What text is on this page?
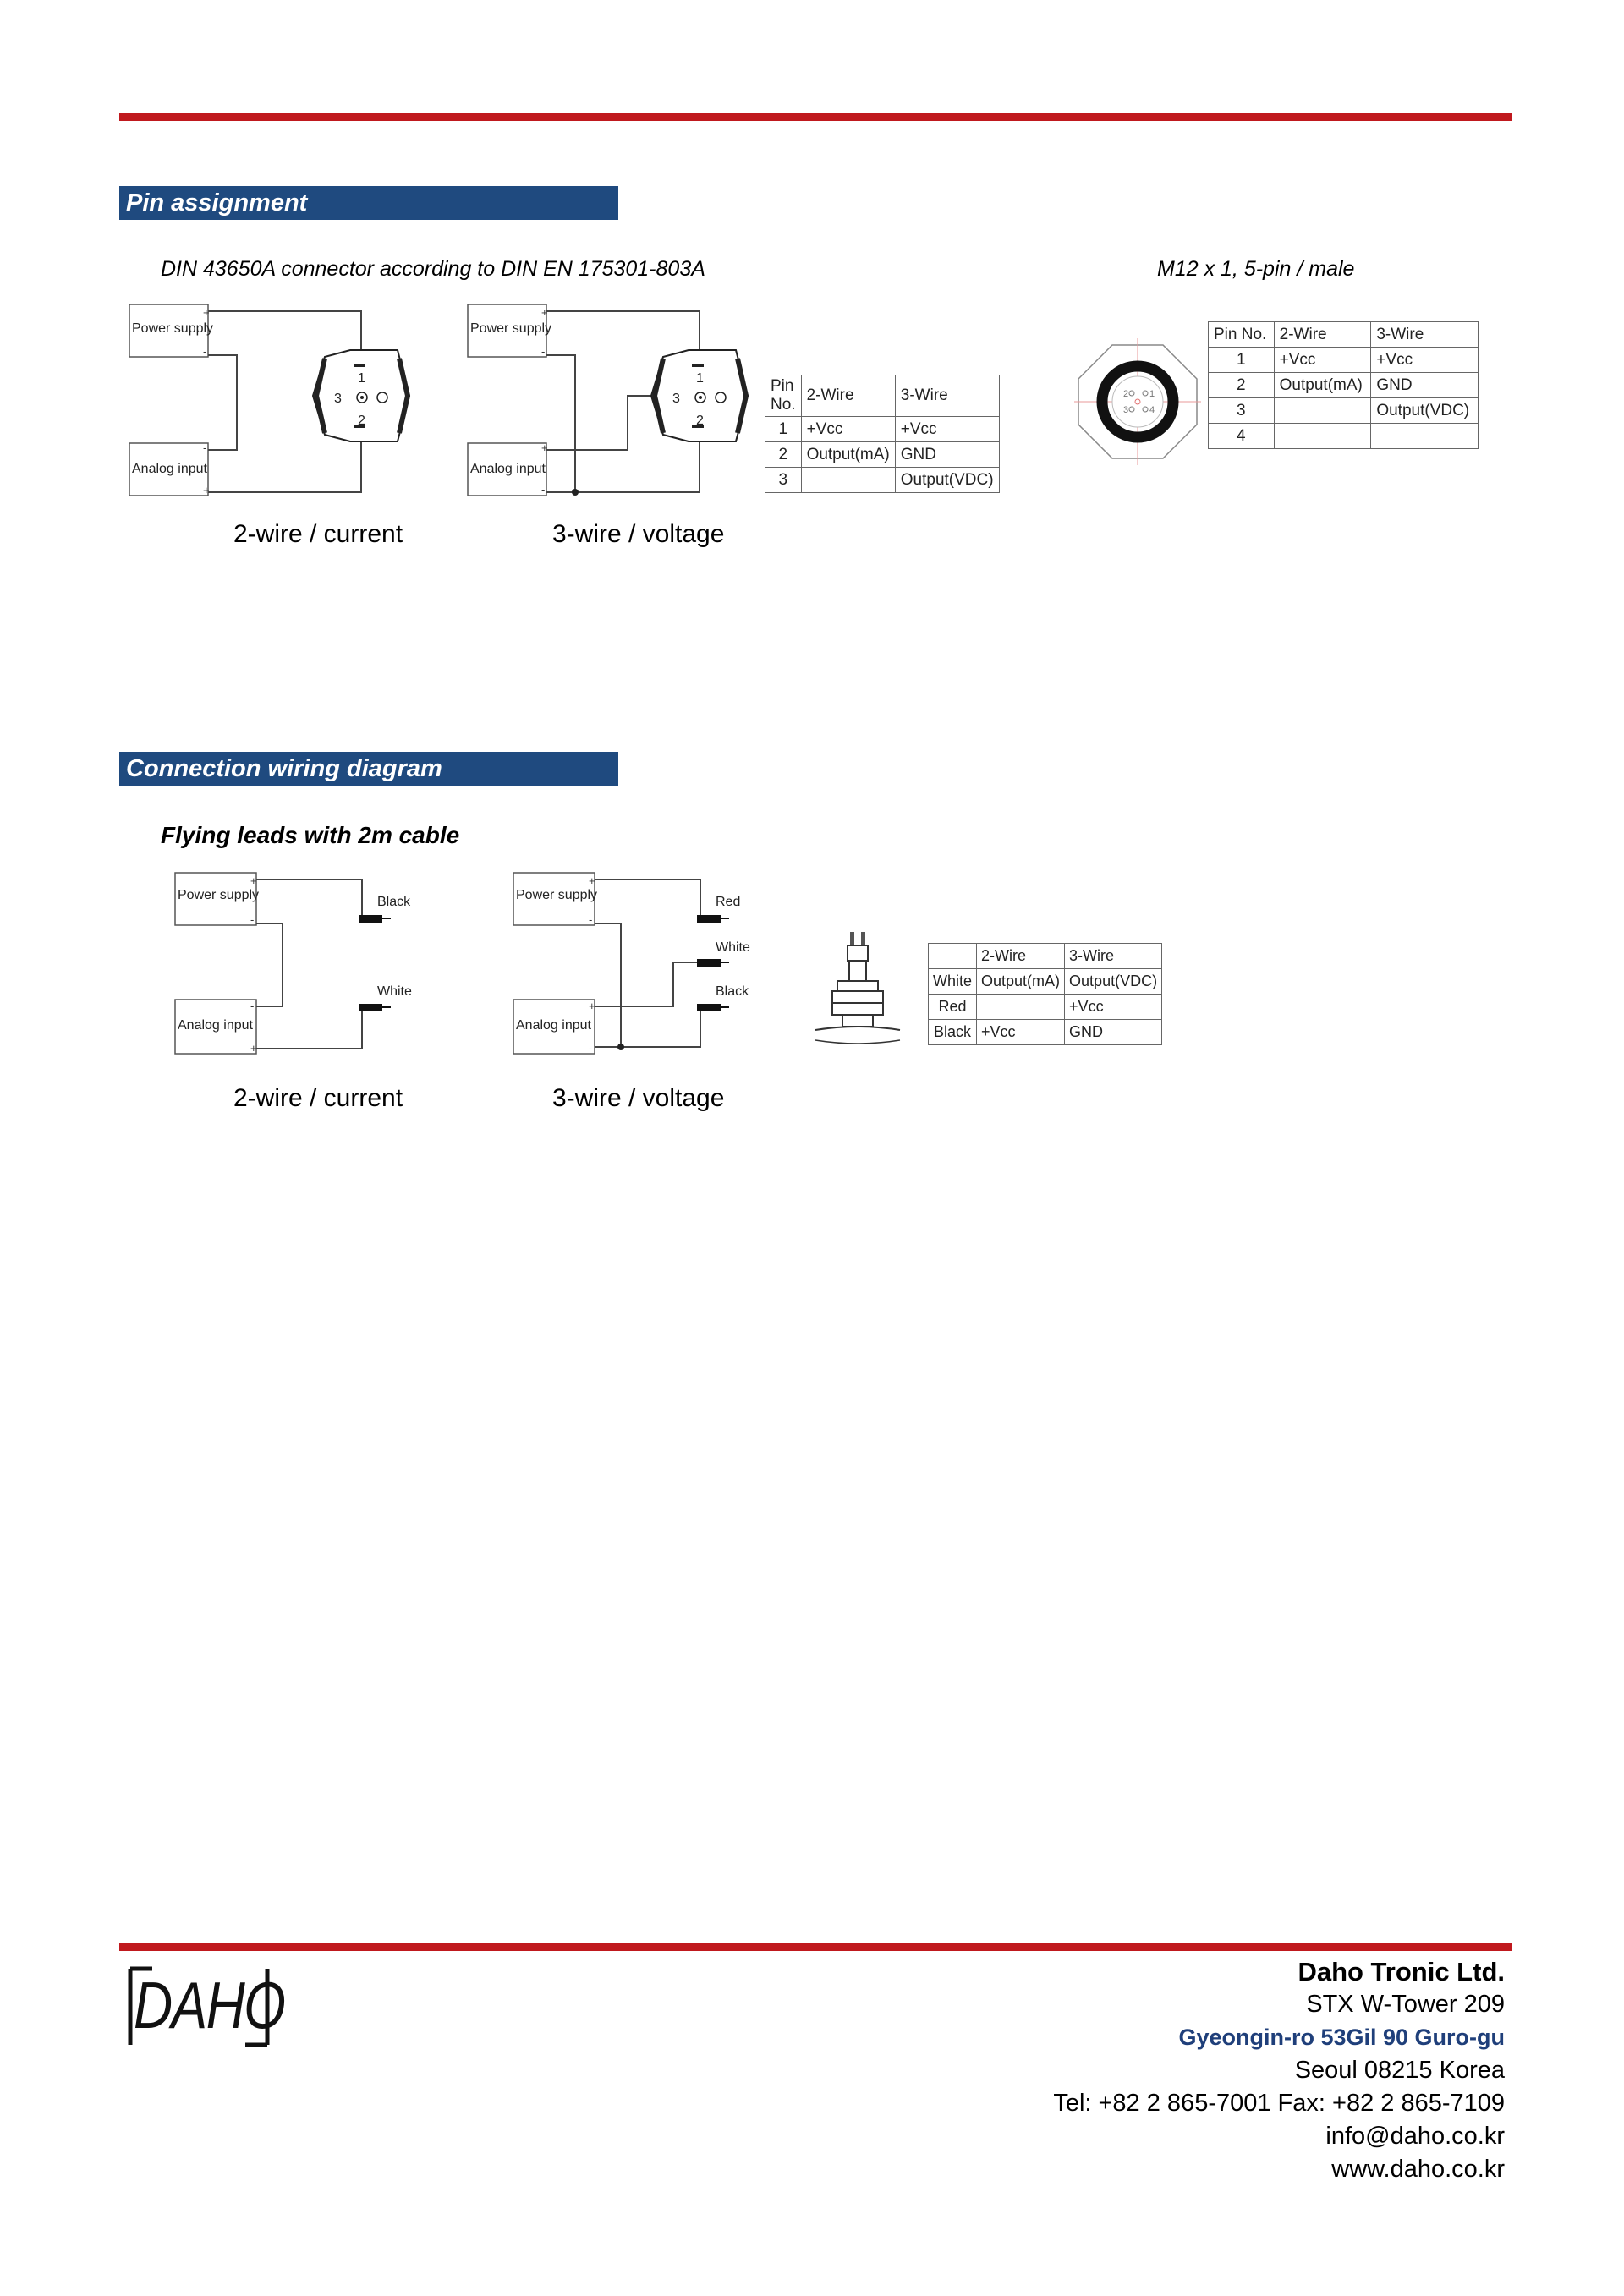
Pin assignment
DIN 43650A connector according to DIN EN 175301-803A	M12 x 1, 5-pin / male
+
-
-
+
1
3
2
Power supply
Analog input
+
-
+
-
1
3
2
Power supply
Analog input
Pin No.	2-Wire	3-Wire
1	+Vcc	+Vcc
2	Output(mA)	GND
3		Output(VDC)
2 1
3 4
Pin No.	2-Wire	3-Wire
1	+Vcc	+Vcc
2	Output(mA)	GND
3		Output(VDC)
4		
2-wire / current	3-wire / voltage
Connection wiring diagram
Flying leads with 2m cable
+
-
-
+
Power supply
Analog input
Black
White
+
-
+
-
Power supply
Analog input
Red
White
Black
	2-Wire	3-Wire
White	Output(mA)	Output(VDC)
Red		+Vcc
Black	+Vcc	GND
2-wire / current	3-wire / voltage
DAHO	Daho Tronic Ltd.
STX W-Tower 209
Gyeongin-ro 53Gil 90 Guro-gu
Seoul 08215 Korea
Tel: +82 2 865-7001 Fax: +82 2 865-7109
info@daho.co.kr
www.daho.co.kr
